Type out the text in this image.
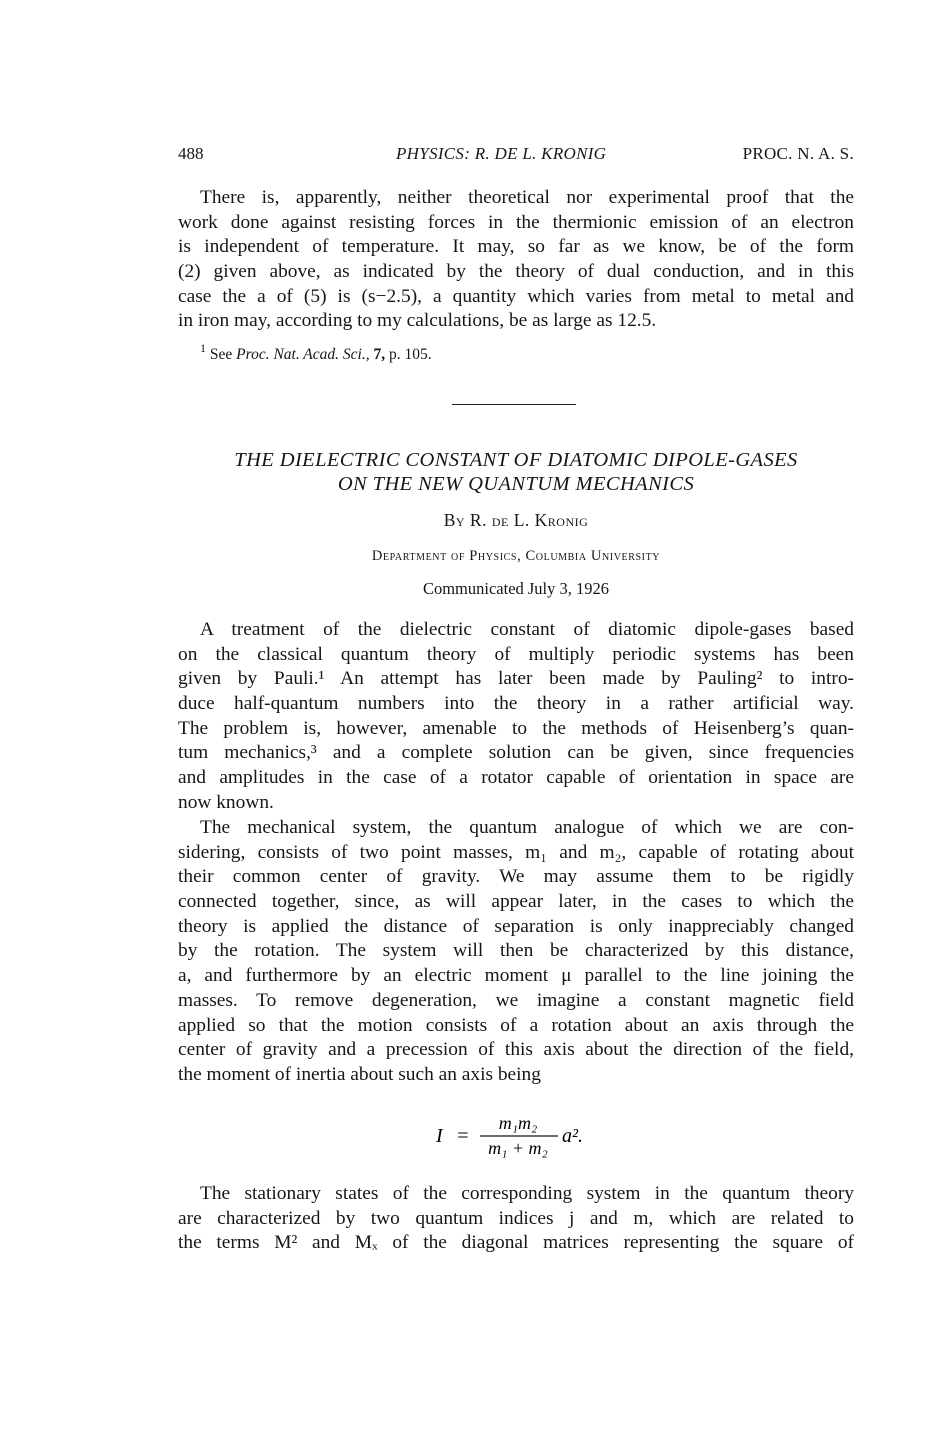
488	PHYSICS: R. DE L. KRONIG	PROC. N. A. S.
There is, apparently, neither theoretical nor experimental proof that the
work done against resisting forces in the thermionic emission of an electron
is independent of temperature. It may, so far as we know, be of the form
(2) given above, as indicated by the theory of dual conduction, and in this
case the a of (5) is (s−2.5), a quantity which varies from metal to metal and
in iron may, according to my calculations, be as large as 12.5.
$^1$ See Proc. Nat. Acad. Sci., 7, p. 105.
THE DIELECTRIC CONSTANT OF DIATOMIC DIPOLE-GASES
ON THE NEW QUANTUM MECHANICS
By R. de L. Kronig
Department of Physics, Columbia University
Communicated July 3, 1926
A treatment of the dielectric constant of diatomic dipole-gases based
on the classical quantum theory of multiply periodic systems has been
given by Pauli.¹ An attempt has later been made by Pauling² to intro-
duce half-quantum numbers into the theory in a rather artificial way.
The problem is, however, amenable to the methods of Heisenberg’s quan-
tum mechanics,³ and a complete solution can be given, since frequencies
and amplitudes in the case of a rotator capable of orientation in space are
now known.
The mechanical system, the quantum analogue of which we are con-
sidering, consists of two point masses, m₁ and m₂, capable of rotating about
their common center of gravity. We may assume them to be rigidly
connected together, since, as will appear later, in the cases to which the
theory is applied the distance of separation is only inappreciably changed
by the rotation. The system will then be characterized by this distance,
a, and furthermore by an electric moment μ parallel to the line joining the
masses. To remove degeneration, we imagine a constant magnetic field
applied so that the motion consists of a rotation about an axis through the
center of gravity and a precession of this axis about the direction of the field,
the moment of inertia about such an axis being
I =
m₁m₂
m₁ + m₂
a².
The stationary states of the corresponding system in the quantum theory
are characterized by two quantum indices j and m, which are related to
the terms M² and Mₓ of the diagonal matrices representing the square of
